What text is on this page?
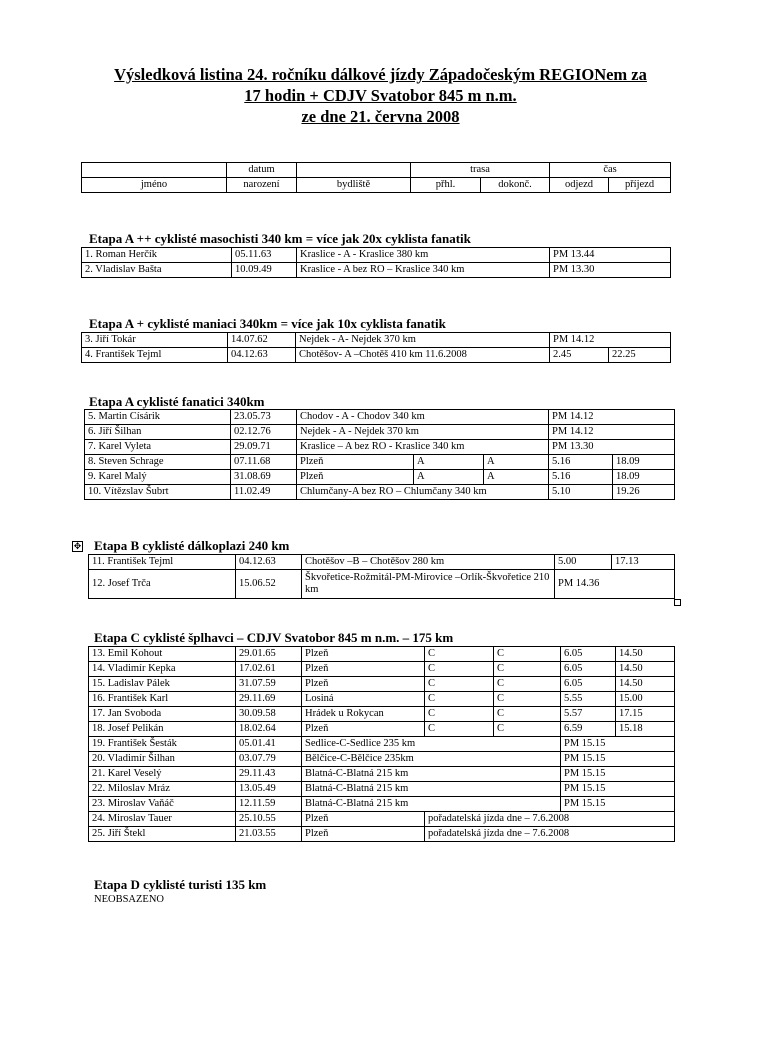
Výsledková listina 24. ročníku dálkové jízdy Západočeským REGIONem za
17 hodin + CDJV Svatobor 845 m n.m.
ze dne 21. června 2008
	datum		trasa		čas	
jméno	narození	bydliště	přhl.	dokonč.	odjezd	příjezd
Etapa A ++ cyklisté masochisti 340 km = více jak 20x cyklista fanatik
1. Roman Herčík	05.11.63	Kraslice - A - Kraslice 380 km	PM 13.44
2. Vladislav Bašta	10.09.49	Kraslice - A bez RO – Kraslice 340 km	PM 13.30
Etapa A + cyklisté maniaci 340km = více jak 10x cyklista fanatik
3. Jiří Tokár	14.07.62	Nejdek - A- Nejdek 370 km	PM 14.12	
4. František Tejml	04.12.63	Chotěšov- A –Chotěš 410 km 11.6.2008	2.45	22.25
Etapa A cyklisté fanatici 340km
5. Martin Císárik	23.05.73	Chodov - A - Chodov 340 km			PM 14.12	
6. Jiří Šilhan	02.12.76	Nejdek - A - Nejdek 370 km			PM 14.12	
7. Karel Vyleta	29.09.71	Kraslice – A bez RO - Kraslice 340 km			PM 13.30	
8. Steven Schrage	07.11.68	Plzeň	A	A	5.16	18.09
9. Karel Malý	31.08.69	Plzeň	A	A	5.16	18.09
10. Vítězslav Šubrt	11.02.49	Chlumčany-A bez RO – Chlumčany 340 km			5.10	19.26
✥ Etapa B cyklisté dálkoplazi 240 km
11. František Tejml	04.12.63	Chotěšov –B – Chotěšov 280 km	5.00	17.13
12. Josef Trča	15.06.52	Škvořetice-Rožmitál-PM-Mirovice –Orlík-Škvořetice 210 km	PM 14.36	
Etapa C cyklisté šplhavci – CDJV Svatobor 845 m n.m. – 175 km
13. Emil Kohout	29.01.65	Plzeň	C	C	6.05	14.50
14. Vladimír Kepka	17.02.61	Plzeň	C	C	6.05	14.50
15. Ladislav Pálek	31.07.59	Plzeň	C	C	6.05	14.50
16. František Karl	29.11.69	Losiná	C	C	5.55	15.00
17. Jan Svoboda	30.09.58	Hrádek u Rokycan	C	C	5.57	17.15
18. Josef Pelikán	18.02.64	Plzeň	C	C	6.59	15.18
19. František Šesták	05.01.41	Sedlice-C-Sedlice 235 km			PM 15.15	
20. Vladimír Šilhan	03.07.79	Bělčice-C-Bělčice 235km			PM 15.15	
21. Karel Veselý	29.11.43	Blatná-C-Blatná 215 km			PM 15.15	
22. Miloslav Mráz	13.05.49	Blatná-C-Blatná 215 km			PM 15.15	
23. Miroslav Vaňáč	12.11.59	Blatná-C-Blatná 215 km			PM 15.15	
24. Miroslav Tauer	25.10.55	Plzeň	pořadatelská jízda dne – 7.6.2008			
25. Jiří Štekl	21.03.55	Plzeň	pořadatelská jízda dne – 7.6.2008			
Etapa D cyklisté turisti 135 km
NEOBSAZENO
